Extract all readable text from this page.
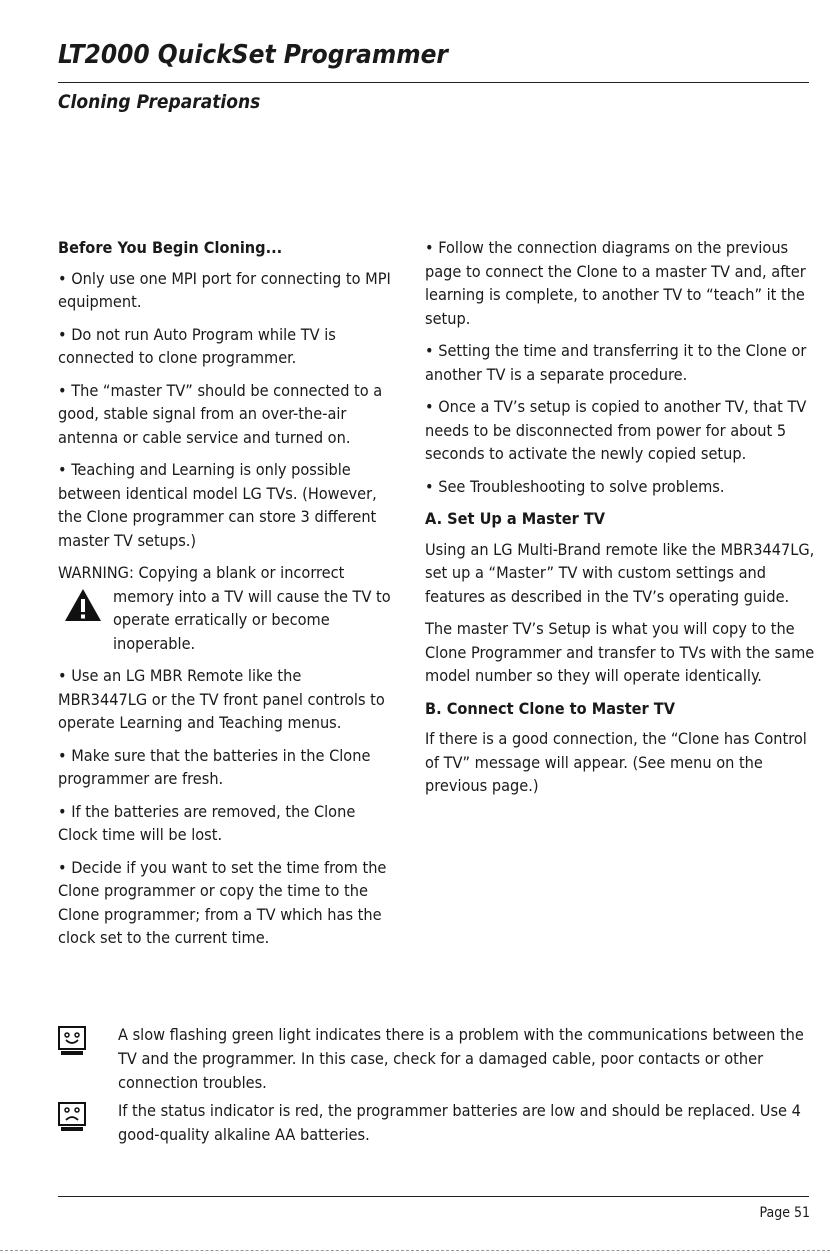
LT2000 QuickSet Programmer
Cloning Preparations

Before You Begin Cloning...

• Only use one MPI port for connecting to MPI equipment.

• Do not run Auto Program while TV is connected to clone programmer.

• The “master TV” should be connected to a good, stable signal from an over-the-air antenna or cable service and turned on.

• Teaching and Learning is only possible between identical model LG TVs. (However, the Clone programmer can store 3 different master TV setups.)

WARNING: Copying a blank or incorrect

memory into a TV will cause the TV to operate erratically or become inoperable.

• Use an LG MBR Remote like the MBR3447LG or the TV front panel controls to operate Learning and Teaching menus.

• Make sure that the batteries in the Clone programmer are fresh.

• If the batteries are removed, the Clone Clock time will be lost.

• Decide if you want to set the time from the Clone programmer or copy the time to the Clone programmer; from a TV which has the clock set to the current time.

• Follow the connection diagrams on the previous page to connect the Clone to a master TV and, after learning is complete, to another TV to “teach” it the setup.

• Setting the time and transferring it to the Clone or another TV is a separate procedure.

• Once a TV’s setup is copied to another TV, that TV needs to be disconnected from power for about 5 seconds to activate the newly copied setup.

• See Troubleshooting to solve problems.

A. Set Up a Master TV

Using an LG Multi-Brand remote like the MBR3447LG, set up a “Master” TV with custom settings and features as described in the TV’s operating guide.

The master TV’s Setup is what you will copy to the Clone Programmer and transfer to TVs with the same model number so they will operate identically.

B. Connect Clone to Master TV

If there is a good connection, the “Clone has Control of TV” message will appear. (See menu on the previous page.)

A slow flashing green light indicates there is a problem with the communications between the TV and the programmer. In this case, check for a damaged cable, poor contacts or other connection troubles.
If the status indicator is red, the programmer batteries are low and should be replaced. Use 4 good-quality alkaline AA batteries.
Page 51
